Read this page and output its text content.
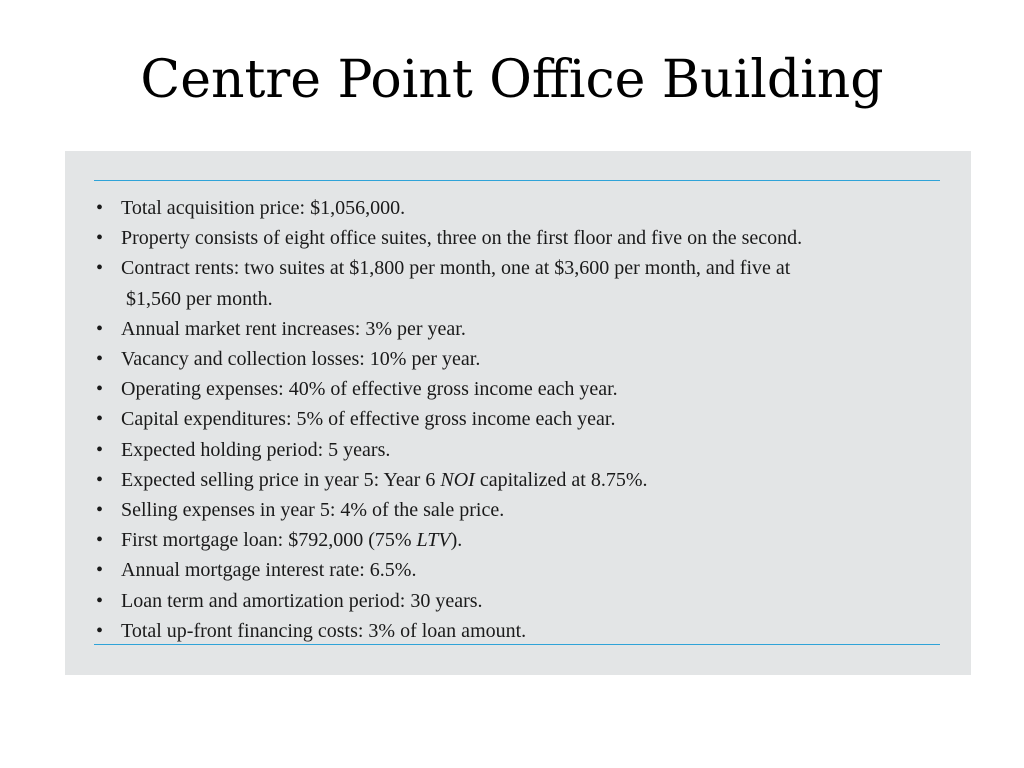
Centre Point Office Building
• Total acquisition price: $1,056,000.
• Property consists of eight office suites, three on the first floor and five on the second.
• Contract rents: two suites at $1,800 per month, one at $3,600 per month, and five at
$1,560 per month.
• Annual market rent increases: 3% per year.
• Vacancy and collection losses: 10% per year.
• Operating expenses: 40% of effective gross income each year.
• Capital expenditures: 5% of effective gross income each year.
• Expected holding period: 5 years.
• Expected selling price in year 5: Year 6 NOI capitalized at 8.75%.
• Selling expenses in year 5: 4% of the sale price.
• First mortgage loan: $792,000 (75% LTV).
• Annual mortgage interest rate: 6.5%.
• Loan term and amortization period: 30 years.
• Total up-front financing costs: 3% of loan amount.
